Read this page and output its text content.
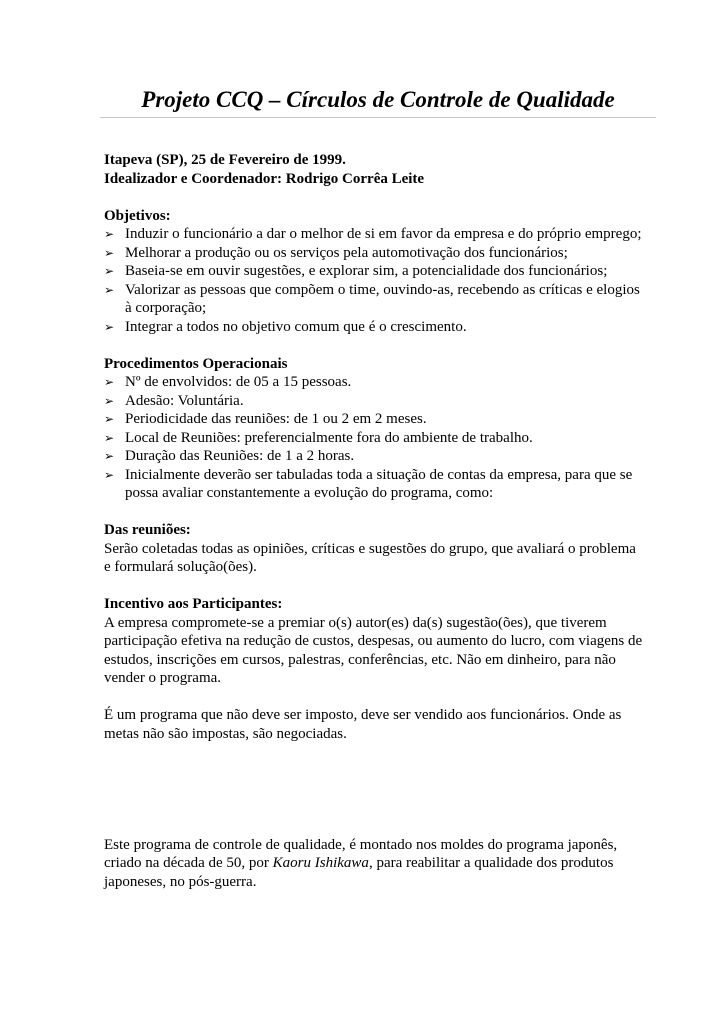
Projeto CCQ – Círculos de Controle de Qualidade
Itapeva (SP), 25 de Fevereiro de 1999.
Idealizador e Coordenador: Rodrigo Corrêa Leite
Objetivos:
➢ Induzir o funcionário a dar o melhor de si em favor da empresa e do próprio emprego;
➢ Melhorar a produção ou os serviços pela automotivação dos funcionários;
➢ Baseia-se em ouvir sugestões, e explorar sim, a potencialidade dos funcionários;
➢ Valorizar as pessoas que compõem o time, ouvindo-as, recebendo as críticas e elogios à corporação;
➢ Integrar a todos no objetivo comum que é o crescimento.
Procedimentos Operacionais
➢ Nº de envolvidos: de 05 a 15 pessoas.
➢ Adesão: Voluntária.
➢ Periodicidade das reuniões: de 1 ou 2 em 2 meses.
➢ Local de Reuniões: preferencialmente fora do ambiente de trabalho.
➢ Duração das Reuniões: de 1 a 2 horas.
➢ Inicialmente deverão ser tabuladas toda a situação de contas da empresa, para que se possa avaliar constantemente a evolução do programa, como:
Das reuniões:

Serão coletadas todas as opiniões, críticas e sugestões do grupo, que avaliará o problema e formulará solução(ões).

Incentivo aos Participantes:

A empresa compromete-se a premiar o(s) autor(es) da(s) sugestão(ões), que tiverem participação efetiva na redução de custos, despesas, ou aumento do lucro, com viagens de estudos, inscrições em cursos, palestras, conferências, etc. Não em dinheiro, para não vender o programa.

É um programa que não deve ser imposto, deve ser vendido aos funcionários. Onde as metas não são impostas, são negociadas.

Este programa de controle de qualidade, é montado nos moldes do programa japonês, criado na década de 50, por Kaoru Ishikawa, para reabilitar a qualidade dos produtos japoneses, no pós-guerra.
